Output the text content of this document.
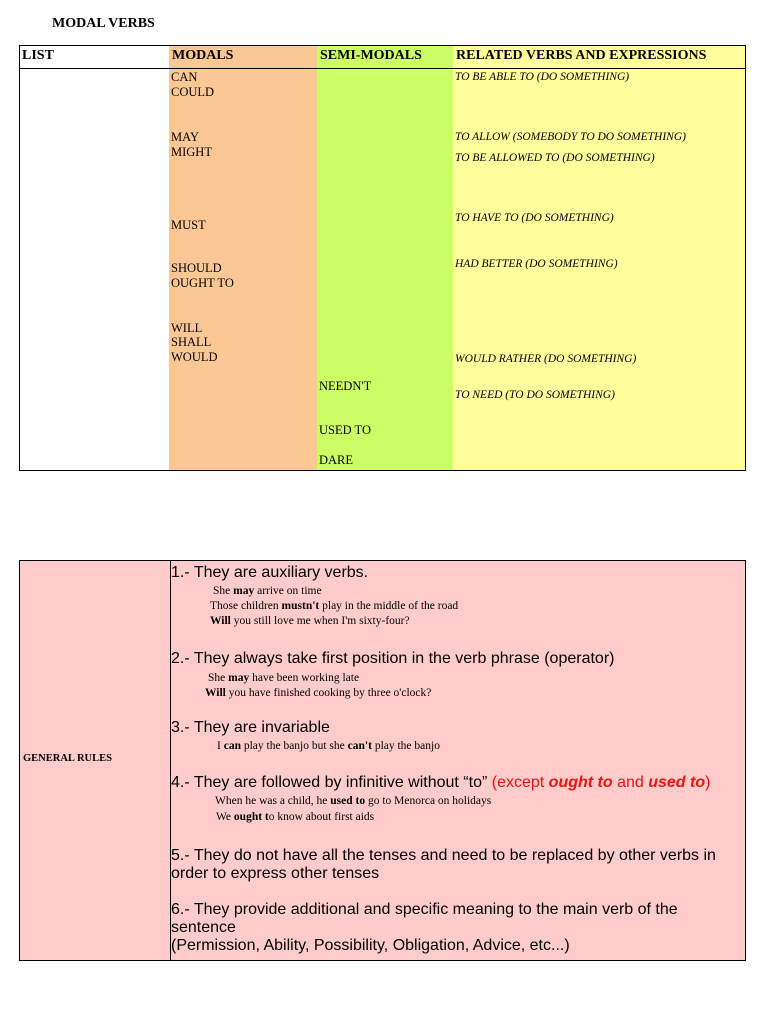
MODAL VERBS
LIST	MODALS
CAN
COULD
MAY
MIGHT
MUST
SHOULD
OUGHT TO
WILL
SHALL
WOULD
SEMI-MODALS
NEEDN'T
USED TO
DARE
RELATED VERBS AND EXPRESSIONS
TO BE ABLE TO (DO SOMETHING)
TO ALLOW (SOMEBODY TO DO SOMETHING)
TO BE ALLOWED TO (DO SOMETHING)
TO HAVE TO (DO SOMETHING)
HAD BETTER (DO SOMETHING)
WOULD RATHER (DO SOMETHING)
TO NEED (TO DO SOMETHING)
GENERAL RULES
1.- They are auxiliary verbs.
She may arrive on time
Those children mustn't play in the middle of the road
Will you still love me when I'm sixty-four?
2.- They always take first position in the verb phrase (operator)
She may have been working late
Will you have finished cooking by three o'clock?
3.- They are invariable
I can play the banjo but she can't play the banjo
4.- They are followed by infinitive without “to” (except ought to and used to)
When he was a child, he used to go to Menorca on holidays
We ought to know about first aids
5.- They do not have all the tenses and need to be replaced by other verbs in order to express other tenses
6.- They provide additional and specific meaning to the main verb of the sentence
(Permission, Ability, Possibility, Obligation, Advice, etc...)
